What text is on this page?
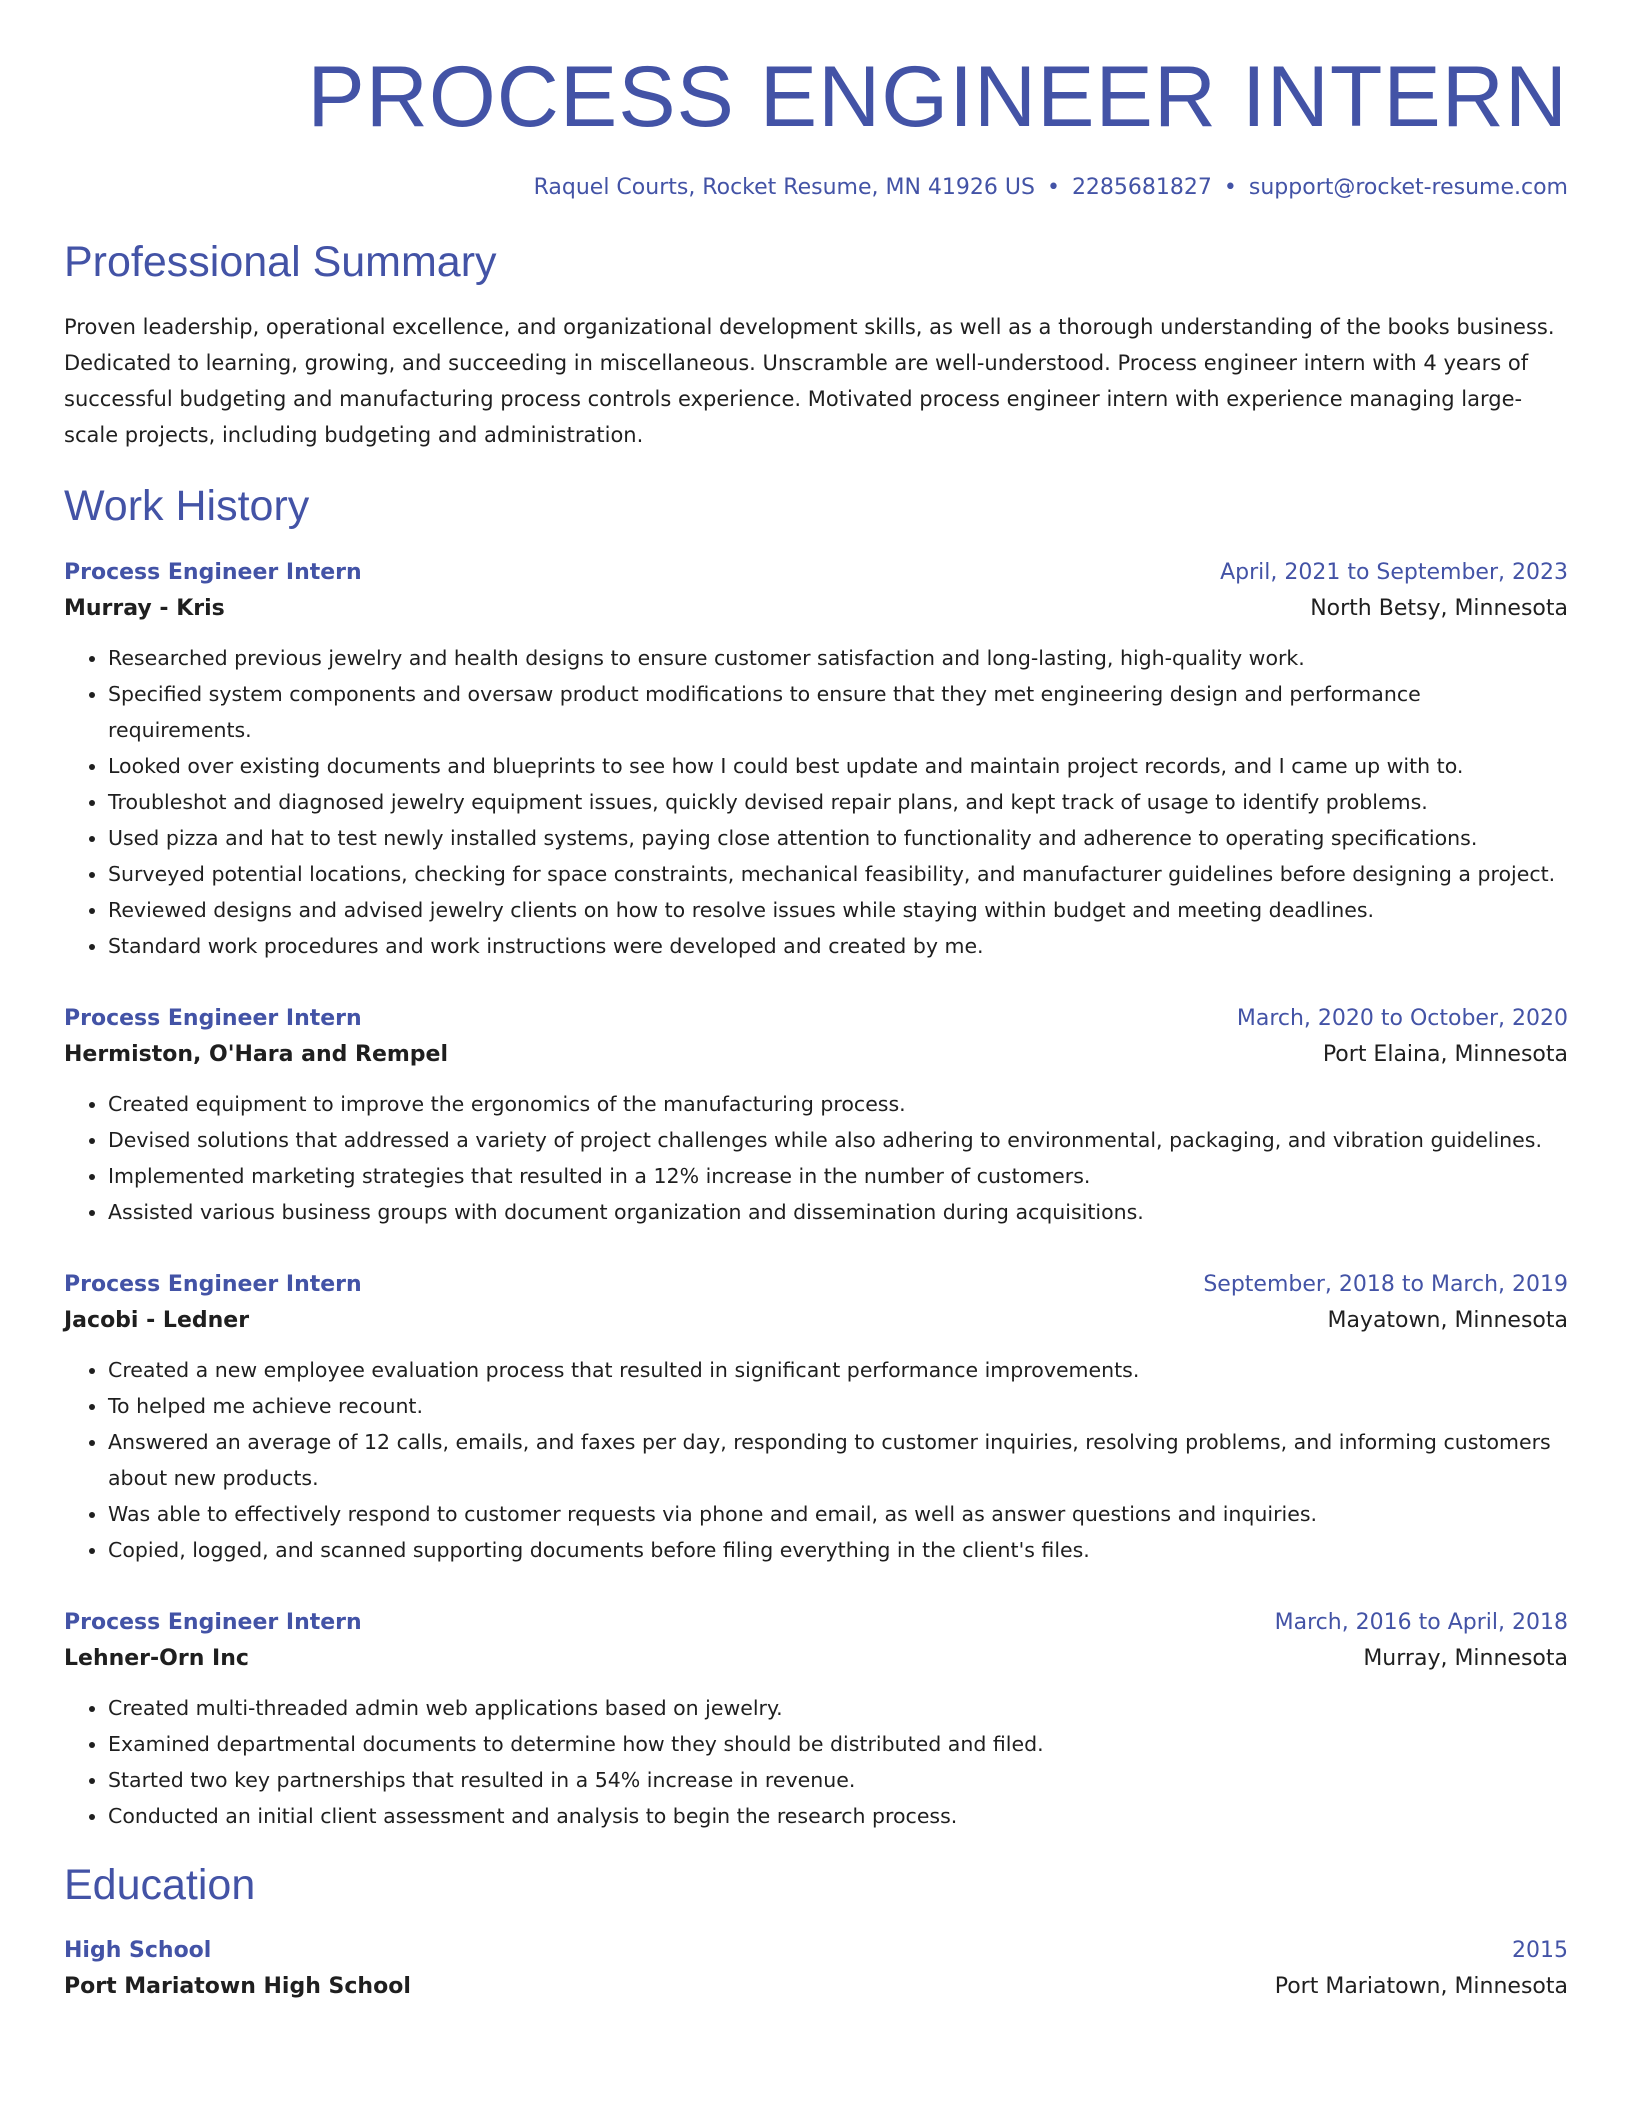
PROCESS ENGINEER INTERN
Raquel Courts, Rocket Resume, MN 41926 US • 2285681827 • support@rocket-resume.com
Professional Summary
Proven leadership, operational excellence, and organizational development skills, as well as a thorough understanding of the books business. Dedicated to learning, growing, and succeeding in miscellaneous. Unscramble are well-understood. Process engineer intern with 4 years of successful budgeting and manufacturing process controls experience. Motivated process engineer intern with experience managing large-scale projects, including budgeting and administration.
Work History
Process Engineer Intern	April, 2021 to September, 2023
Murray - Kris	North Betsy, Minnesota
• Researched previous jewelry and health designs to ensure customer satisfaction and long-lasting, high-quality work.
• Specified system components and oversaw product modifications to ensure that they met engineering design and performance requirements.
• Looked over existing documents and blueprints to see how I could best update and maintain project records, and I came up with to.
• Troubleshot and diagnosed jewelry equipment issues, quickly devised repair plans, and kept track of usage to identify problems.
• Used pizza and hat to test newly installed systems, paying close attention to functionality and adherence to operating specifications.
• Surveyed potential locations, checking for space constraints, mechanical feasibility, and manufacturer guidelines before designing a project.
• Reviewed designs and advised jewelry clients on how to resolve issues while staying within budget and meeting deadlines.
• Standard work procedures and work instructions were developed and created by me.
Process Engineer Intern	March, 2020 to October, 2020
Hermiston, O'Hara and Rempel	Port Elaina, Minnesota
• Created equipment to improve the ergonomics of the manufacturing process.
• Devised solutions that addressed a variety of project challenges while also adhering to environmental, packaging, and vibration guidelines.
• Implemented marketing strategies that resulted in a 12% increase in the number of customers.
• Assisted various business groups with document organization and dissemination during acquisitions.
Process Engineer Intern	September, 2018 to March, 2019
Jacobi - Ledner	Mayatown, Minnesota
• Created a new employee evaluation process that resulted in significant performance improvements.
• To helped me achieve recount.
• Answered an average of 12 calls, emails, and faxes per day, responding to customer inquiries, resolving problems, and informing customers about new products.
• Was able to effectively respond to customer requests via phone and email, as well as answer questions and inquiries.
• Copied, logged, and scanned supporting documents before filing everything in the client's files.
Process Engineer Intern	March, 2016 to April, 2018
Lehner-Orn Inc	Murray, Minnesota
• Created multi-threaded admin web applications based on jewelry.
• Examined departmental documents to determine how they should be distributed and filed.
• Started two key partnerships that resulted in a 54% increase in revenue.
• Conducted an initial client assessment and analysis to begin the research process.
Education
High School	2015
Port Mariatown High School	Port Mariatown, Minnesota
